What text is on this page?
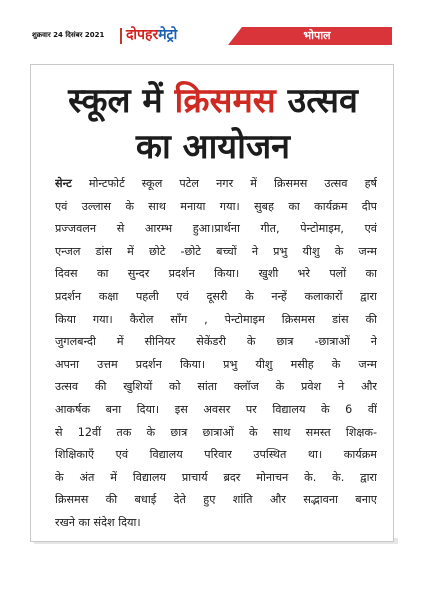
शुक्रवार 24 दिसंबर 2021 दोपहरमेट्रो	भोपाल
स्कूल में क्रिसमस उत्सव
का आयोजन
सेन्ट मोन्टफोर्ट स्कूल पटेल नगर में क्रिसमस उत्सव हर्ष
एवं उल्लास के साथ मनाया गया। सुबह का कार्यक्रम दीप
प्रज्जवलन से आरम्भ हुआ।प्रार्थना गीत, पेन्टोमाइम, एवं
एन्जल डांस में छोटे -छोटे बच्चों ने प्रभु यीशु के जन्म
दिवस का सुन्दर प्रदर्शन किया। खुशी भरे पलों का
प्रदर्शन कक्षा पहली एवं दूसरी के नन्हें कलाकारों द्वारा
किया गया। कैरोल साँग , पेन्टोमाइम क्रिसमस डांस की
जुगलबन्दी में सीनियर सेकेंडरी के छात्र -छात्राओं ने
अपना उत्तम प्रदर्शन किया। प्रभु यीशु मसीह के जन्म
उत्सव की खुशियों को सांता क्लॉज के प्रवेश ने और
आकर्षक बना दिया। इस अवसर पर विद्यालय के 6 वीं
से 12वीं तक के छात्र छात्राओं के साथ समस्त शिक्षक-
शिक्षिकाएँ एवं विद्यालय परिवार उपस्थित था। कार्यक्रम
के अंत में विद्यालय प्राचार्य ब्रदर मोनाचन के. के. द्वारा
क्रिसमस की बधाई देते हुए शांति और सद्भावना बनाए
रखने का संदेश दिया।
